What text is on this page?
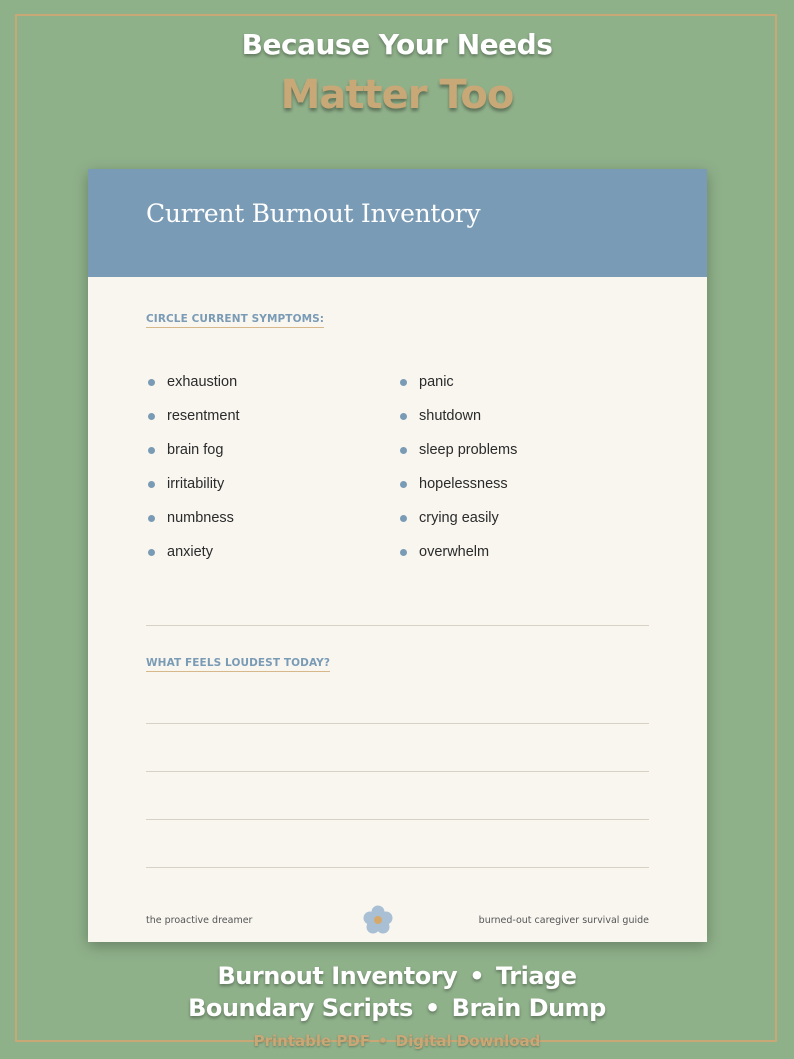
Because Your Needs
Matter Too
Current Burnout Inventory
CIRCLE CURRENT SYMPTOMS:
exhaustion
resentment
brain fog
irritability
numbness
anxiety
panic
shutdown
sleep problems
hopelessness
crying easily
overwhelm
WHAT FEELS LOUDEST TODAY?
the proactive dreamer	burned-out caregiver survival guide
Burnout Inventory • Triage
Boundary Scripts • Brain Dump
Printable PDF • Digital Download
